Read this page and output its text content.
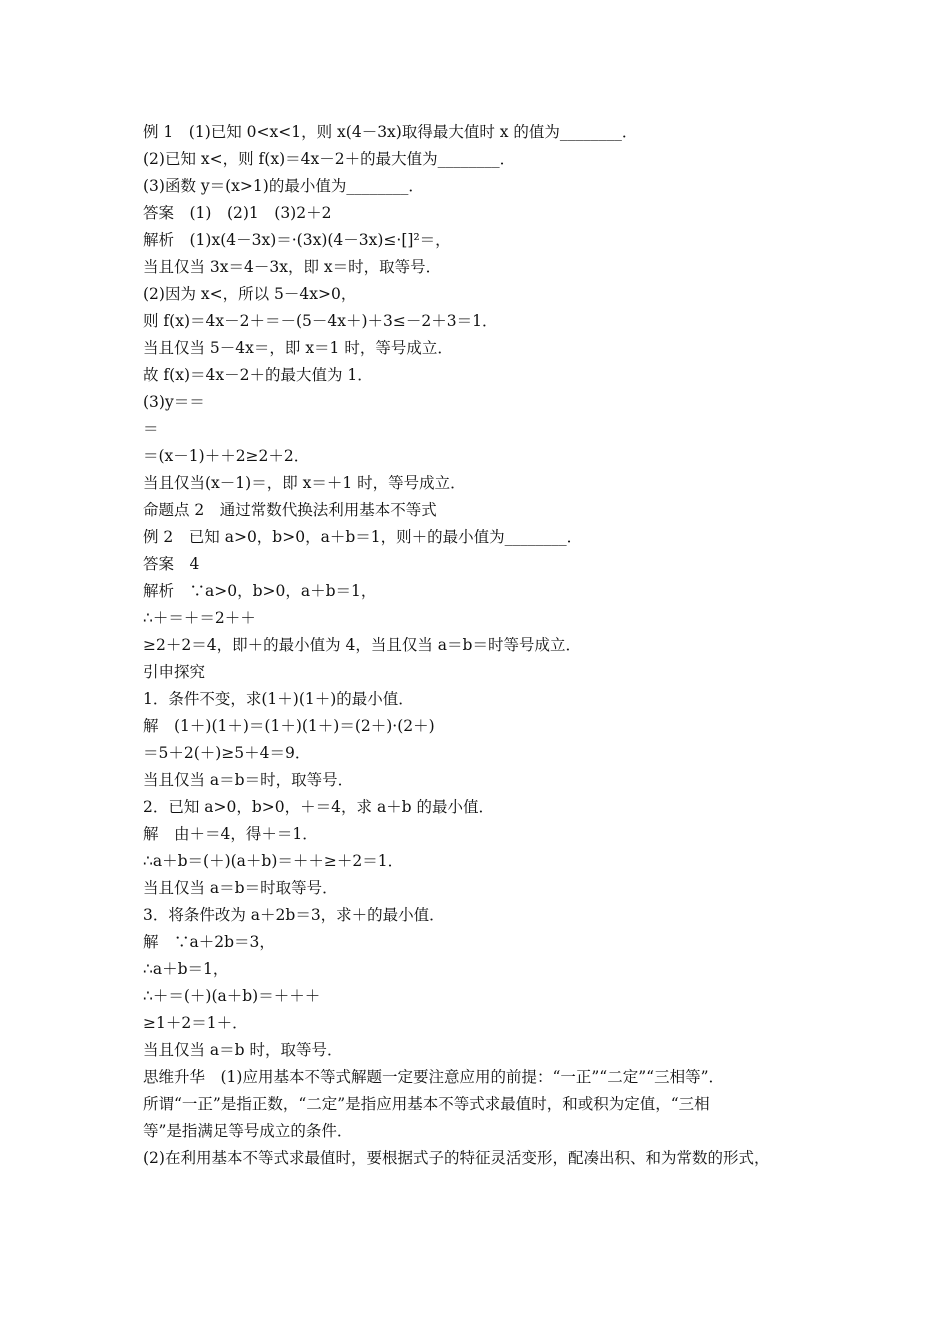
例 1　(1)已知 0<x<1，则 x(4－3x)取得最大值时 x 的值为________．
(2)已知 x<，则 f(x)＝4x－2＋的最大值为________．
(3)函数 y＝(x>1)的最小值为________．
答案　(1)　(2)1　(3)2＋2
解析　(1)x(4－3x)＝·(3x)(4－3x)≤·[]²＝，
当且仅当 3x＝4－3x，即 x＝时，取等号．
(2)因为 x<，所以 5－4x>0，
则 f(x)＝4x－2＋＝－(5－4x＋)＋3≤－2＋3＝1．
当且仅当 5－4x＝，即 x＝1 时，等号成立．
故 f(x)＝4x－2＋的最大值为 1．
(3)y＝＝
＝
＝(x－1)＋＋2≥2＋2．
当且仅当(x－1)＝，即 x＝＋1 时，等号成立．
命题点 2　通过常数代换法利用基本不等式
例 2　已知 a>0，b>0，a＋b＝1，则＋的最小值为________．
答案　4
解析　∵a>0，b>0，a＋b＝1，
∴＋＝＋＝2＋＋
≥2＋2＝4，即＋的最小值为 4，当且仅当 a＝b＝时等号成立．
引申探究
1．条件不变，求(1＋)(1＋)的最小值．
解　(1＋)(1＋)＝(1＋)(1＋)＝(2＋)·(2＋)
＝5＋2(＋)≥5＋4＝9．
当且仅当 a＝b＝时，取等号．
2．已知 a>0，b>0，＋＝4，求 a＋b 的最小值．
解　由＋＝4，得＋＝1．
∴a＋b＝(＋)(a＋b)＝＋＋≥＋2＝1．
当且仅当 a＝b＝时取等号．
3．将条件改为 a＋2b＝3，求＋的最小值．
解　∵a＋2b＝3，
∴a＋b＝1，
∴＋＝(＋)(a＋b)＝＋＋＋
≥1＋2＝1＋．
当且仅当 a＝b 时，取等号．
思维升华　(1)应用基本不等式解题一定要注意应用的前提：“一正”“二定”“三相等”．
所谓“一正”是指正数，“二定”是指应用基本不等式求最值时，和或积为定值，“三相
等”是指满足等号成立的条件．
(2)在利用基本不等式求最值时，要根据式子的特征灵活变形，配凑出积、和为常数的形式，
